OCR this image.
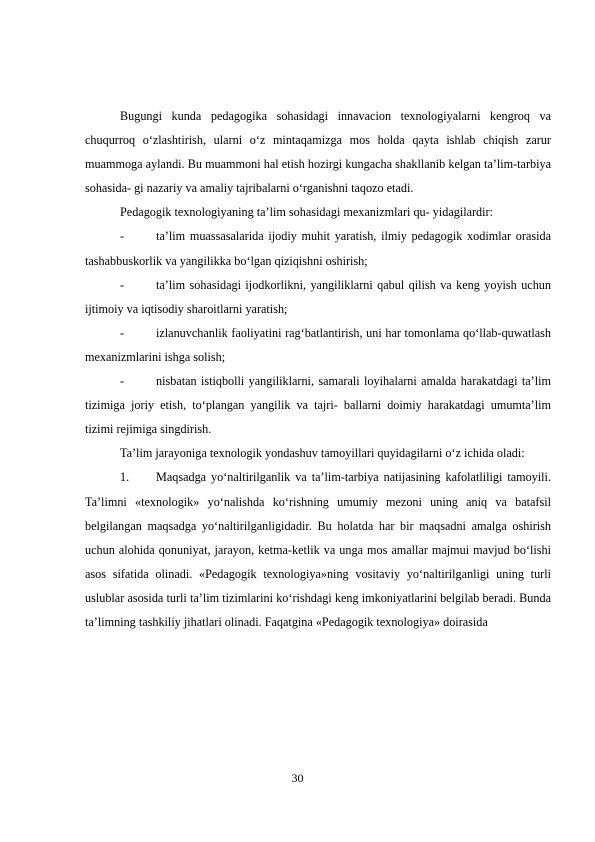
Bugungi kunda pedagogika sohasidagi innavacion texnologiyalarni kengroq va chuqurroq o‘zlashtirish, ularni o‘z mintaqamizga mos holda qayta ishlab chiqish zarur muammoga aylandi. Bu muammoni hal etish hozirgi kungacha shakllanib kelgan ta’lim-tarbiya sohasida- gi nazariy va amaliy tajribalarni o‘rganishni taqozo etadi.

Pedagogik texnologiyaning ta’lim sohasidagi mexanizmlari qu- yidagilardir:

-	ta’lim muassasalarida ijodiy muhit yaratish, ilmiy pedagogik xodimlar orasida tashabbuskorlik va yangilikka bo‘lgan qiziqishni oshirish;

-	ta’lim sohasidagi ijodkorlikni, yangiliklarni qabul qilish va keng yoyish uchun ijtimoiy va iqtisodiy sharoitlarni yaratish;

-	izlanuvchanlik faoliyatini rag‘batlantirish, uni har tomonlama qo‘llab-quwatlash mexanizmlarini ishga solish;

-	nisbatan istiqbolli yangiliklarni, samarali loyihalarni amalda harakatdagi ta’lim tizimiga joriy etish, to‘plangan yangilik va tajri- ballarni doimiy harakatdagi umumta’lim tizimi rejimiga singdirish.

Ta’lim jarayoniga texnologik yondashuv tamoyillari quyidagilarni o‘z ichida oladi:

1. Maqsadga yo‘naltirilganlik va ta’lim-tarbiya natijasining kafolatliligi tamoyili. Ta’limni «texnologik» yo‘nalishda ko‘rishning umumiy mezoni uning aniq va batafsil belgilangan maqsadga yo‘naltirilganligidadir. Bu holatda har bir maqsadni amalga oshirish uchun alohida qonuniyat, jarayon, ketma-ketlik va unga mos amallar majmui mavjud bo‘lishi asos sifatida olinadi. «Pedagogik texnologiya»ning vositaviy yo‘naltirilganligi uning turli uslublar asosida turli ta’lim tizimlarini ko‘rishdagi keng imkoniyatlarini belgilab beradi. Bunda ta’limning tashkiliy jihatlari olinadi. Faqatgina «Pedagogik texnologiya» doirasida

30
